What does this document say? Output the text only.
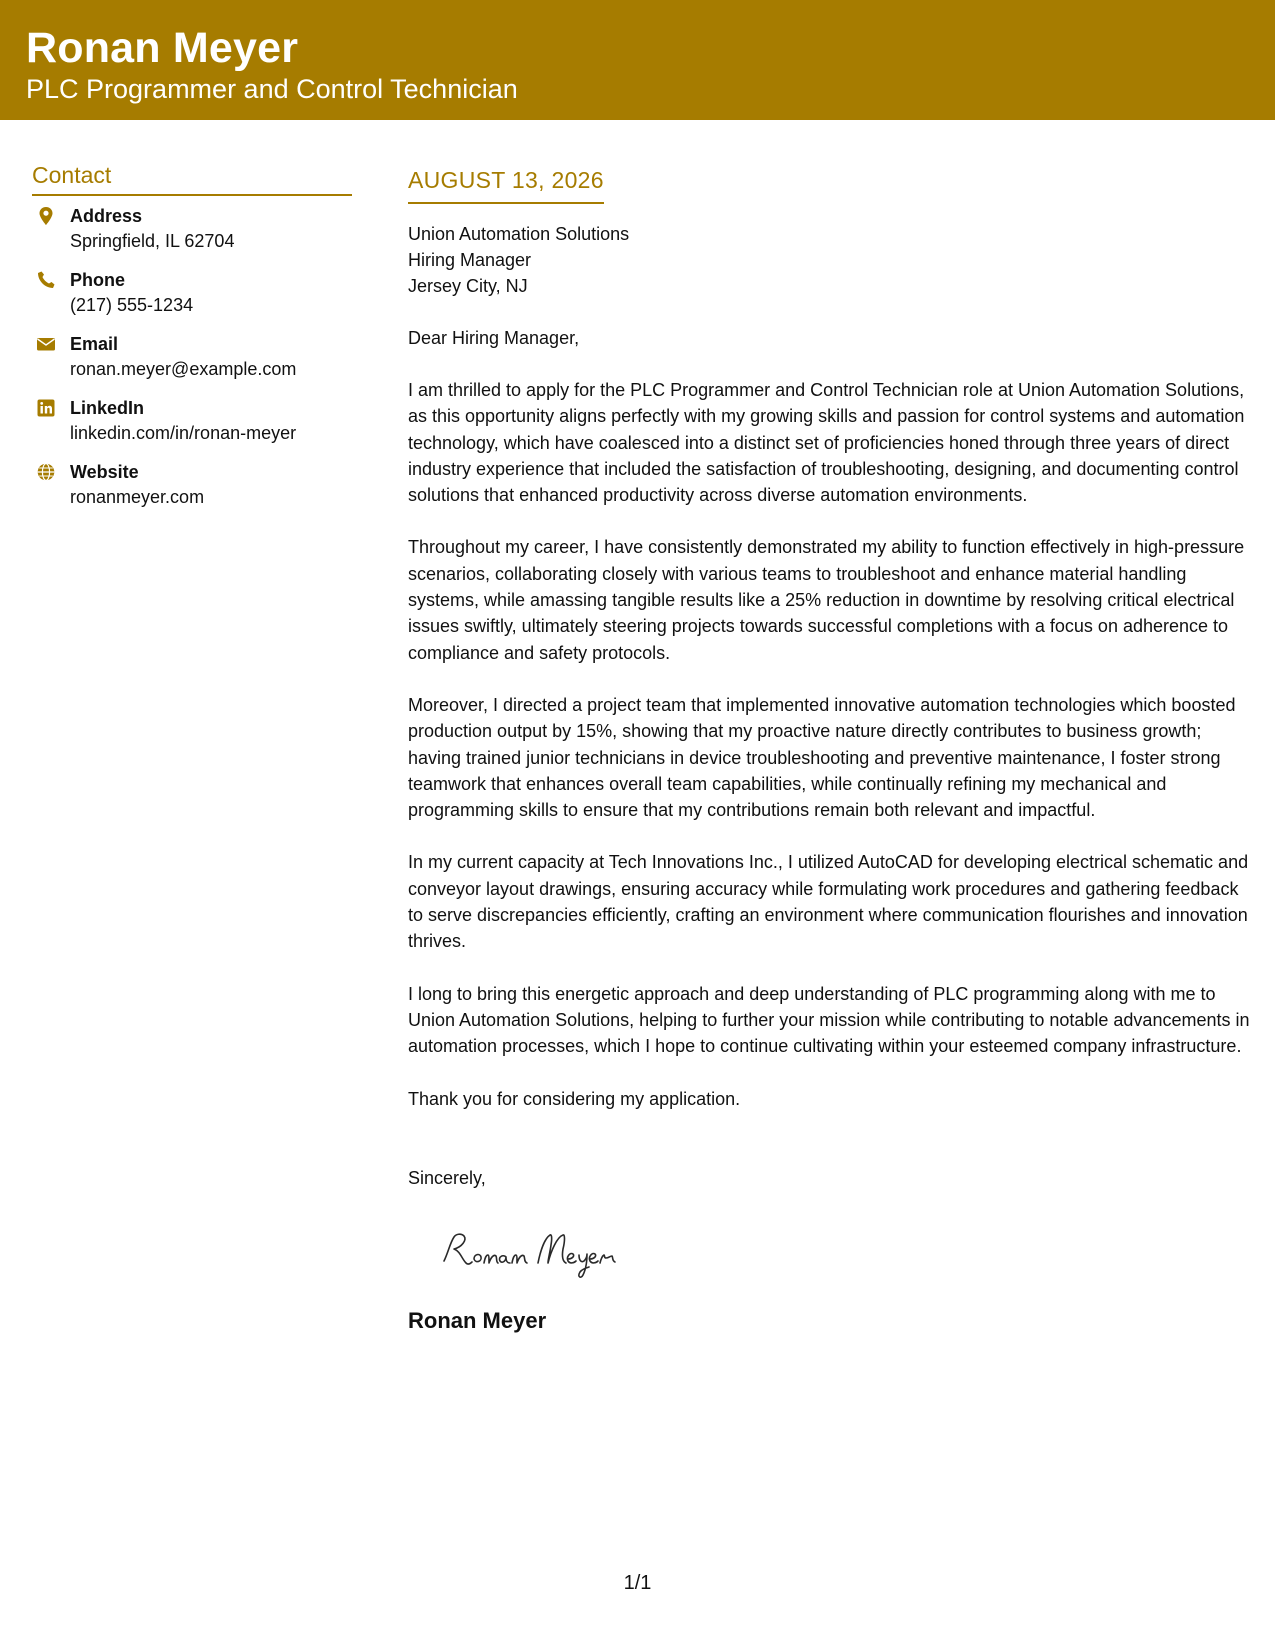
Ronan Meyer
PLC Programmer and Control Technician
Contact
Address
Springfield, IL 62704
Phone
(217) 555-1234
Email
ronan.meyer@example.com
LinkedIn
linkedin.com/in/ronan-meyer
Website
ronanmeyer.com
AUGUST 13, 2026
Union Automation Solutions
Hiring Manager
Jersey City, NJ
Dear Hiring Manager,
I am thrilled to apply for the PLC Programmer and Control Technician role at Union Automation Solutions, as this opportunity aligns perfectly with my growing skills and passion for control systems and automation technology, which have coalesced into a distinct set of proficiencies honed through three years of direct industry experience that included the satisfaction of troubleshooting, designing, and documenting control solutions that enhanced productivity across diverse automation environments.
Throughout my career, I have consistently demonstrated my ability to function effectively in high-pressure scenarios, collaborating closely with various teams to troubleshoot and enhance material handling systems, while amassing tangible results like a 25% reduction in downtime by resolving critical electrical issues swiftly, ultimately steering projects towards successful completions with a focus on adherence to compliance and safety protocols.
Moreover, I directed a project team that implemented innovative automation technologies which boosted production output by 15%, showing that my proactive nature directly contributes to business growth; having trained junior technicians in device troubleshooting and preventive maintenance, I foster strong teamwork that enhances overall team capabilities, while continually refining my mechanical and programming skills to ensure that my contributions remain both relevant and impactful.
In my current capacity at Tech Innovations Inc., I utilized AutoCAD for developing electrical schematic and conveyor layout drawings, ensuring accuracy while formulating work procedures and gathering feedback to serve discrepancies efficiently, crafting an environment where communication flourishes and innovation thrives.
I long to bring this energetic approach and deep understanding of PLC programming along with me to Union Automation Solutions, helping to further your mission while contributing to notable advancements in automation processes, which I hope to continue cultivating within your esteemed company infrastructure.
Thank you for considering my application.
Sincerely,
Ronan Meyer
1/1
